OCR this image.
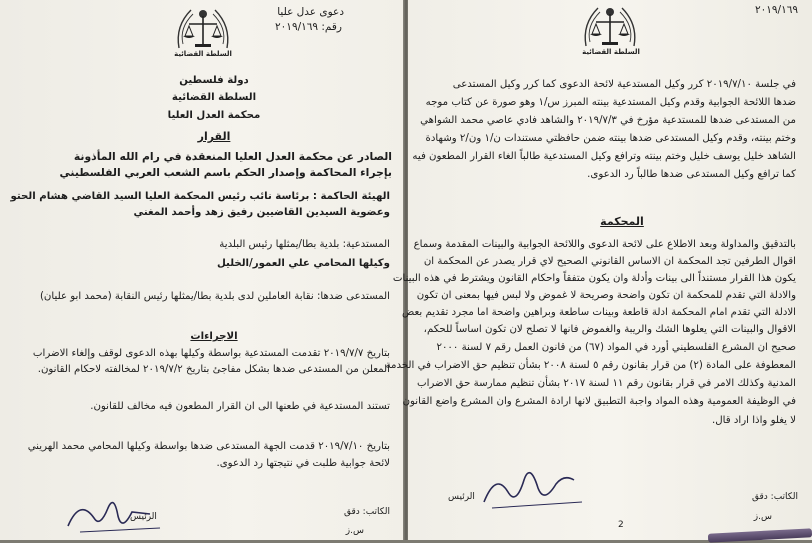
السلطة القضائية
دعوى عدل عليا
رقم: ٢٠١٩/١٦٩
دولة فلسطين
السلطة القضائية
محكمة العدل العليا
القرار
الصادر عن محكمة العدل العليا المنعقدة في رام الله المأذونة
بإجراء المحاكمة وإصدار الحكم باسم الشعب العربي الفلسطيني
الهيئة الحاكمة : برئاسة نائب رئيس المحكمة العليا السيد القاضي هشام الحتو
وعضوية السيدين القاضيين رفيق زهد وأحمد المغني
المستدعية: بلدية بطا/يمثلها رئيس البلدية
وكيلها المحامي علي العمور/الخليل
المستدعى ضدها: نقابة العاملين لدى بلدية بطا/يمثلها رئيس النقابة (محمد ابو عليان)
الاجراءات
بتاريخ ٢٠١٩/٧/٧ تقدمت المستدعية بواسطة وكيلها بهذه الدعوى لوقف وإلغاء الاضراب
المعلن من المستدعى ضدها بشكل مفاجئ بتاريخ ٢٠١٩/٧/٢ لمخالفته لاحكام القانون.
تستند المستدعية في طعنها الى ان القرار المطعون فيه مخالف للقانون.
بتاريخ ٢٠١٩/٧/١٠ قدمت الجهة المستدعى ضدها بواسطة وكيلها المحامي محمد الهريني
لائحة جوابية طلبت في نتيجتها رد الدعوى.
الرئيس	الكاتب: دقق
س.ز
السلطة القضائية
٢٠١٩/١٦٩
في جلسة ٢٠١٩/٧/١٠ كرر وكيل المستدعية لائحة الدعوى كما كرر وكيل المستدعى
ضدها اللائحة الجوابية وقدم وكيل المستدعية بينته المبرز س/١ وهو صورة عن كتاب موجه
من المستدعى ضدها للمستدعية مؤرخ في ٢٠١٩/٧/٣ والشاهد فادي عاصي محمد الشواهي
وختم بينته، وقدم وكيل المستدعى ضدها بينته ضمن حافظتي مستندات ن/١ ون/٢ وشهادة
الشاهد خليل يوسف خليل وختم بينته وترافع وكيل المستدعية طالباً الغاء القرار المطعون فيه
كما ترافع وكيل المستدعى ضدها طالباً رد الدعوى.
المحكمة
بالتدقيق والمداولة وبعد الاطلاع على لائحة الدعوى واللائحة الجوابية والبينات المقدمة وسماع
اقوال الطرفين تجد المحكمة ان الاساس القانوني الصحيح لاي قرار يصدر عن المحكمة ان
يكون هذا القرار مستنداً الى بينات وأدلة وان يكون متفقاً واحكام القانون ويشترط في هذه البينات
والادلة التي تقدم للمحكمة ان تكون واضحة وصريحة لا غموض ولا لبس فيها بمعنى ان تكون
الادلة التي تقدم امام المحكمة ادلة قاطعة وبينات ساطعة وبراهين واضحة اما مجرد تقديم بعض
الاقوال والبينات التي يعلوها الشك والريبة والغموض فانها لا تصلح لان تكون اساساً للحكم،
صحيح ان المشرع الفلسطيني أورد في المواد (٦٧) من قانون العمل رقم ٧ لسنة ٢٠٠٠
المعطوفة على المادة (٢) من قرار بقانون رقم ٥ لسنة ٢٠٠٨ بشأن تنظيم حق الاضراب في الخدمة
المدنية وكذلك الامر في قرار بقانون رقم ١١ لسنة ٢٠١٧ بشأن تنظيم ممارسة حق الاضراب
في الوظيفة العمومية وهذه المواد واجبة التطبيق لانها ارادة المشرع وان المشرع واضع القانون
لا يغلو واذا اراد قال.
الرئيس	الكاتب: دقق
س.ز
2
